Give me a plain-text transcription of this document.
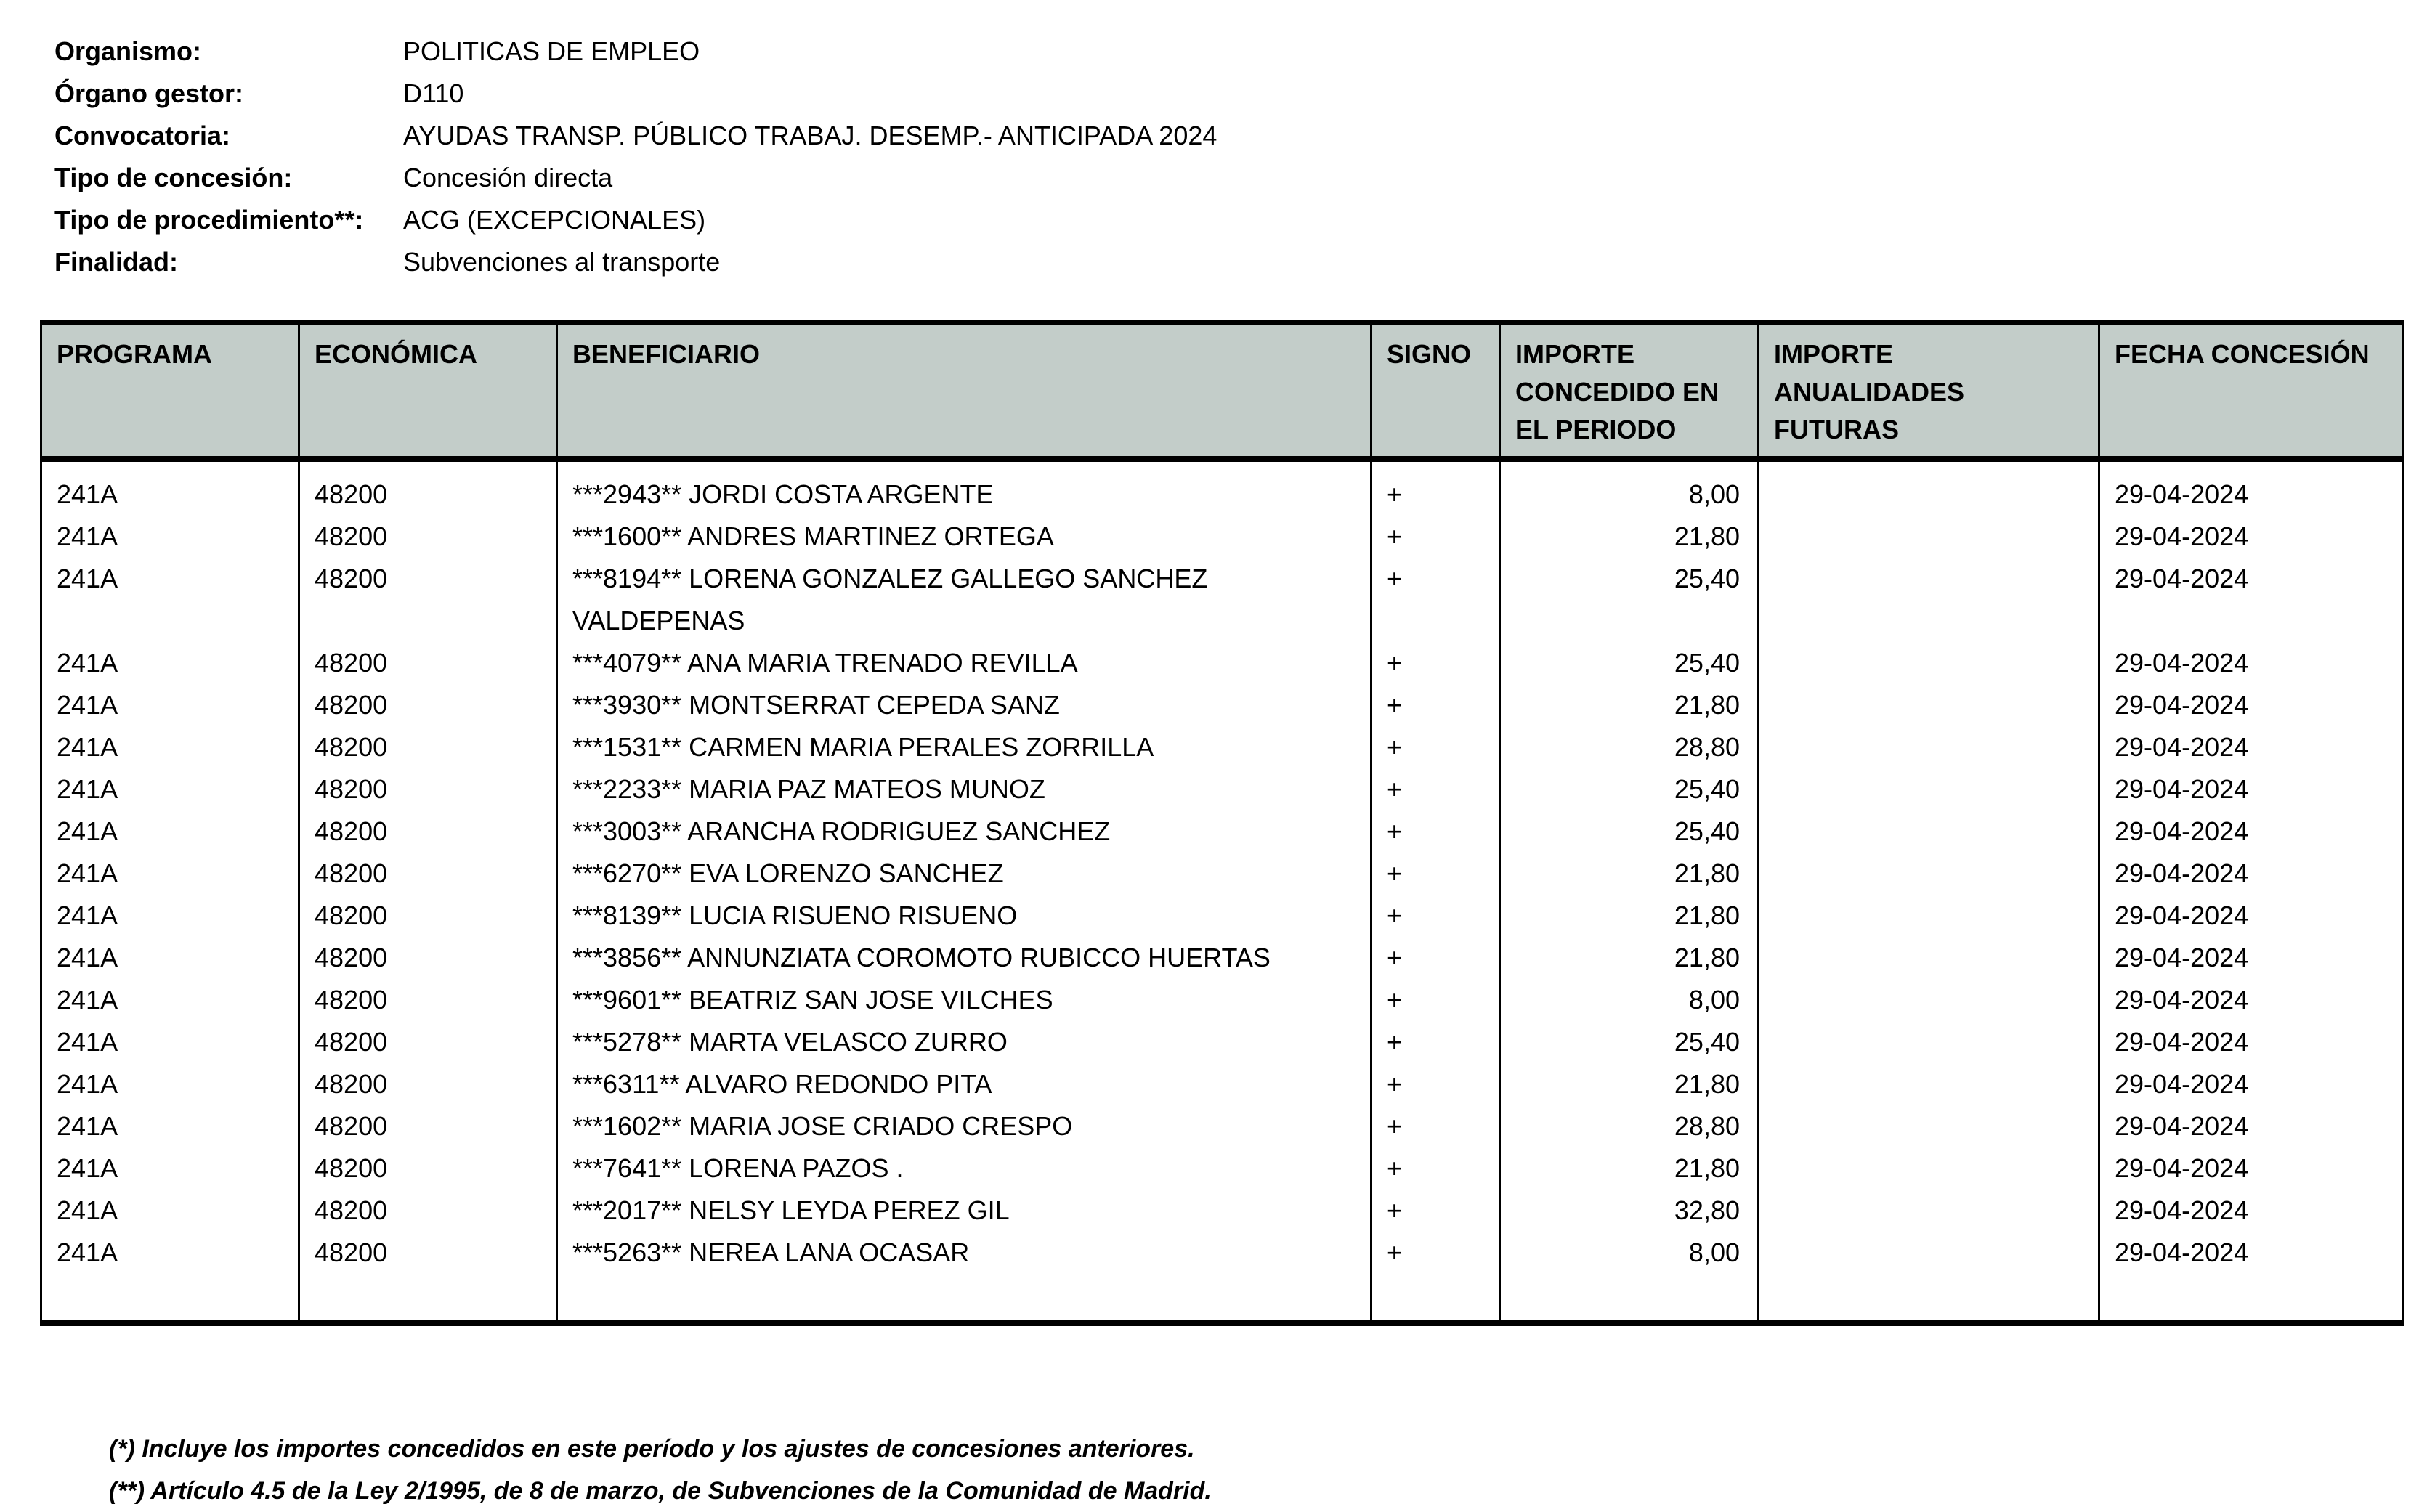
Organismo:	POLITICAS DE EMPLEO
Órgano gestor:	D110
Convocatoria:	AYUDAS TRANSP. PÚBLICO TRABAJ. DESEMP.- ANTICIPADA 2024
Tipo de concesión:	Concesión directa
Tipo de procedimiento**: ACG (EXCEPCIONALES)
Finalidad:	Subvenciones al transporte
PROGRAMA	ECONÓMICA	BENEFICIARIO	SIGNO	IMPORTE CONCEDIDO EN EL PERIODO	IMPORTE ANUALIDADES FUTURAS	FECHA CONCESIÓN
241A	48200	***2943** JORDI COSTA ARGENTE	+	8,00		29-04-2024
241A	48200	***1600** ANDRES MARTINEZ ORTEGA	+	21,80		29-04-2024
241A	48200	***8194** LORENA GONZALEZ GALLEGO SANCHEZ VALDEPENAS	+	25,40		29-04-2024
241A	48200	***4079** ANA MARIA TRENADO REVILLA	+	25,40		29-04-2024
241A	48200	***3930** MONTSERRAT CEPEDA SANZ	+	21,80		29-04-2024
241A	48200	***1531** CARMEN MARIA PERALES ZORRILLA	+	28,80		29-04-2024
241A	48200	***2233** MARIA PAZ MATEOS MUNOZ	+	25,40		29-04-2024
241A	48200	***3003** ARANCHA RODRIGUEZ SANCHEZ	+	25,40		29-04-2024
241A	48200	***6270** EVA LORENZO SANCHEZ	+	21,80		29-04-2024
241A	48200	***8139** LUCIA RISUENO RISUENO	+	21,80		29-04-2024
241A	48200	***3856** ANNUNZIATA COROMOTO RUBICCO HUERTAS	+	21,80		29-04-2024
241A	48200	***9601** BEATRIZ SAN JOSE VILCHES	+	8,00		29-04-2024
241A	48200	***5278** MARTA VELASCO ZURRO	+	25,40		29-04-2024
241A	48200	***6311** ALVARO REDONDO PITA	+	21,80		29-04-2024
241A	48200	***1602** MARIA JOSE CRIADO CRESPO	+	28,80		29-04-2024
241A	48200	***7641** LORENA PAZOS .	+	21,80		29-04-2024
241A	48200	***2017** NELSY LEYDA PEREZ GIL	+	32,80		29-04-2024
241A	48200	***5263** NEREA LANA OCASAR	+	8,00		29-04-2024
(*) Incluye los importes concedidos en este período y los ajustes de concesiones anteriores.
(**) Artículo 4.5 de la Ley 2/1995, de 8 de marzo, de Subvenciones de la Comunidad de Madrid.
